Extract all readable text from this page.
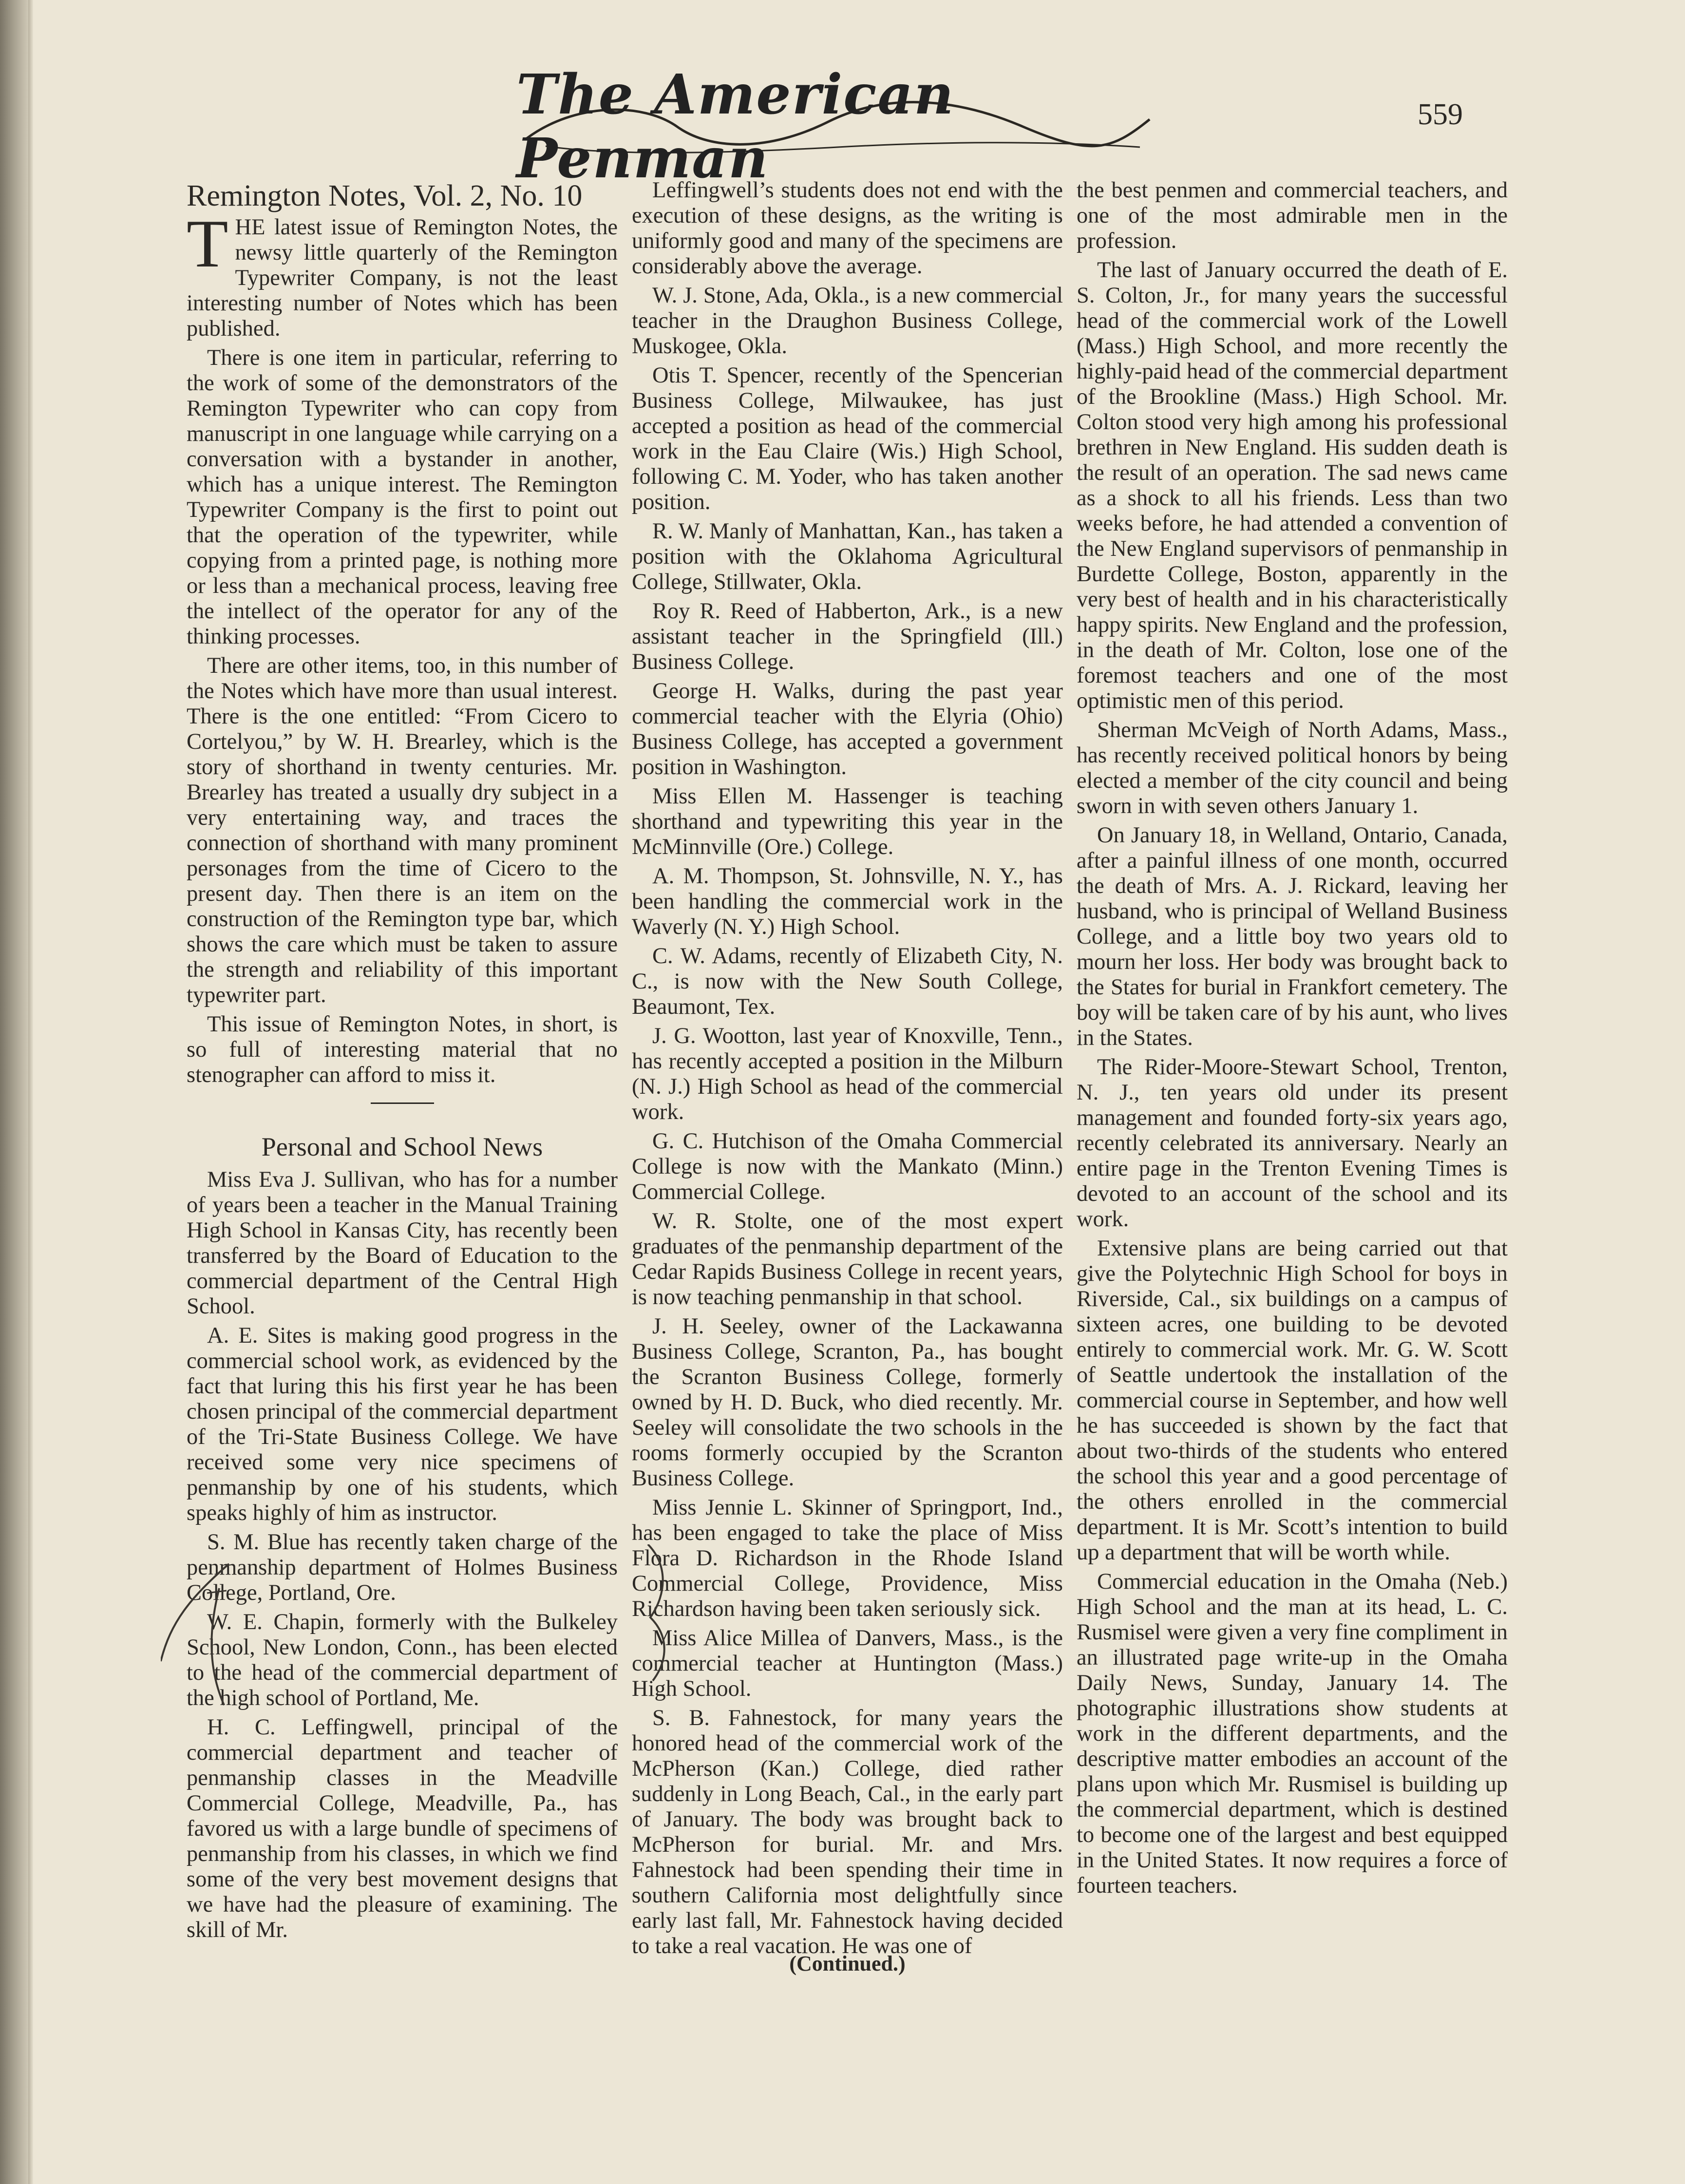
The American Penman
559
Remington Notes, Vol. 2, No. 10

THE latest issue of Remington Notes, the newsy little quarterly of the Remington Typewriter Company, is not the least interesting number of Notes which has been published.

There is one item in particular, referring to the work of some of the demonstrators of the Remington Typewriter who can copy from manuscript in one language while carrying on a conversation with a bystander in another, which has a unique interest. The Remington Typewriter Company is the first to point out that the operation of the typewriter, while copying from a printed page, is nothing more or less than a mechanical process, leaving free the intellect of the operator for any of the thinking processes.

There are other items, too, in this number of the Notes which have more than usual interest. There is the one entitled: “From Cicero to Cortelyou,” by W. H. Brearley, which is the story of shorthand in twenty centuries. Mr. Brearley has treated a usually dry subject in a very entertaining way, and traces the connection of shorthand with many prominent personages from the time of Cicero to the present day. Then there is an item on the construction of the Remington type bar, which shows the care which must be taken to assure the strength and reliability of this important typewriter part.

This issue of Remington Notes, in short, is so full of interesting material that no stenographer can afford to miss it.

Personal and School News

Miss Eva J. Sullivan, who has for a number of years been a teacher in the Manual Training High School in Kansas City, has recently been transferred by the Board of Education to the commercial department of the Central High School.

A. E. Sites is making good progress in the commercial school work, as evidenced by the fact that luring this his first year he has been chosen principal of the commercial department of the Tri-State Business College. We have received some very nice specimens of penmanship by one of his students, which speaks highly of him as instructor.

S. M. Blue has recently taken charge of the penmanship department of Holmes Business College, Portland, Ore.

W. E. Chapin, formerly with the Bulkeley School, New London, Conn., has been elected to the head of the commercial department of the high school of Portland, Me.

H. C. Leffingwell, principal of the commercial department and teacher of penmanship classes in the Meadville Commercial College, Meadville, Pa., has favored us with a large bundle of specimens of penmanship from his classes, in which we find some of the very best movement designs that we have had the pleasure of examining. The skill of Mr.

Leffingwell’s students does not end with the execution of these designs, as the writing is uniformly good and many of the specimens are considerably above the average.

W. J. Stone, Ada, Okla., is a new commercial teacher in the Draughon Business College, Muskogee, Okla.

Otis T. Spencer, recently of the Spencerian Business College, Milwaukee, has just accepted a position as head of the commercial work in the Eau Claire (Wis.) High School, following C. M. Yoder, who has taken another position.

R. W. Manly of Manhattan, Kan., has taken a position with the Oklahoma Agricultural College, Stillwater, Okla.

Roy R. Reed of Habberton, Ark., is a new assistant teacher in the Springfield (Ill.) Business College.

George H. Walks, during the past year commercial teacher with the Elyria (Ohio) Business College, has accepted a government position in Washington.

Miss Ellen M. Hassenger is teaching shorthand and typewriting this year in the McMinnville (Ore.) College.

A. M. Thompson, St. Johnsville, N. Y., has been handling the commercial work in the Waverly (N. Y.) High School.

C. W. Adams, recently of Elizabeth City, N. C., is now with the New South College, Beaumont, Tex.

J. G. Wootton, last year of Knoxville, Tenn., has recently accepted a position in the Milburn (N. J.) High School as head of the commercial work.

G. C. Hutchison of the Omaha Commercial College is now with the Mankato (Minn.) Commercial College.

W. R. Stolte, one of the most expert graduates of the penmanship department of the Cedar Rapids Business College in recent years, is now teaching penmanship in that school.

J. H. Seeley, owner of the Lackawanna Business College, Scranton, Pa., has bought the Scranton Business College, formerly owned by H. D. Buck, who died recently. Mr. Seeley will consolidate the two schools in the rooms formerly occupied by the Scranton Business College.

Miss Jennie L. Skinner of Springport, Ind., has been engaged to take the place of Miss Flora D. Richardson in the Rhode Island Commercial College, Providence, Miss Richardson having been taken seriously sick.

Miss Alice Millea of Danvers, Mass., is the commercial teacher at Huntington (Mass.) High School.

S. B. Fahnestock, for many years the honored head of the commercial work of the McPherson (Kan.) College, died rather suddenly in Long Beach, Cal., in the early part of January. The body was brought back to McPherson for burial. Mr. and Mrs. Fahnestock had been spending their time in southern California most delightfully since early last fall, Mr. Fahnestock having decided to take a real vacation. He was one of

the best penmen and commercial teachers, and one of the most admirable men in the profession.

The last of January occurred the death of E. S. Colton, Jr., for many years the successful head of the commercial work of the Lowell (Mass.) High School, and more recently the highly-paid head of the commercial department of the Brookline (Mass.) High School. Mr. Colton stood very high among his professional brethren in New England. His sudden death is the result of an operation. The sad news came as a shock to all his friends. Less than two weeks before, he had attended a convention of the New England supervisors of penmanship in Burdette College, Boston, apparently in the very best of health and in his characteristically happy spirits. New England and the profession, in the death of Mr. Colton, lose one of the foremost teachers and one of the most optimistic men of this period.

Sherman McVeigh of North Adams, Mass., has recently received political honors by being elected a member of the city council and being sworn in with seven others January 1.

On January 18, in Welland, Ontario, Canada, after a painful illness of one month, occurred the death of Mrs. A. J. Rickard, leaving her husband, who is principal of Welland Business College, and a little boy two years old to mourn her loss. Her body was brought back to the States for burial in Frankfort cemetery. The boy will be taken care of by his aunt, who lives in the States.

The Rider-Moore-Stewart School, Trenton, N. J., ten years old under its present management and founded forty-six years ago, recently celebrated its anniversary. Nearly an entire page in the Trenton Evening Times is devoted to an account of the school and its work.

Extensive plans are being carried out that give the Polytechnic High School for boys in Riverside, Cal., six buildings on a campus of sixteen acres, one building to be devoted entirely to commercial work. Mr. G. W. Scott of Seattle undertook the installation of the commercial course in September, and how well he has succeeded is shown by the fact that about two-thirds of the students who entered the school this year and a good percentage of the others enrolled in the commercial department. It is Mr. Scott’s intention to build up a department that will be worth while.

Commercial education in the Omaha (Neb.) High School and the man at its head, L. C. Rusmisel were given a very fine compliment in an illustrated page write-up in the Omaha Daily News, Sunday, January 14. The photographic illustrations show students at work in the different departments, and the descriptive matter embodies an account of the plans upon which Mr. Rusmisel is building up the commercial department, which is destined to become one of the largest and best equipped in the United States. It now requires a force of fourteen teachers.

(Continued.)
